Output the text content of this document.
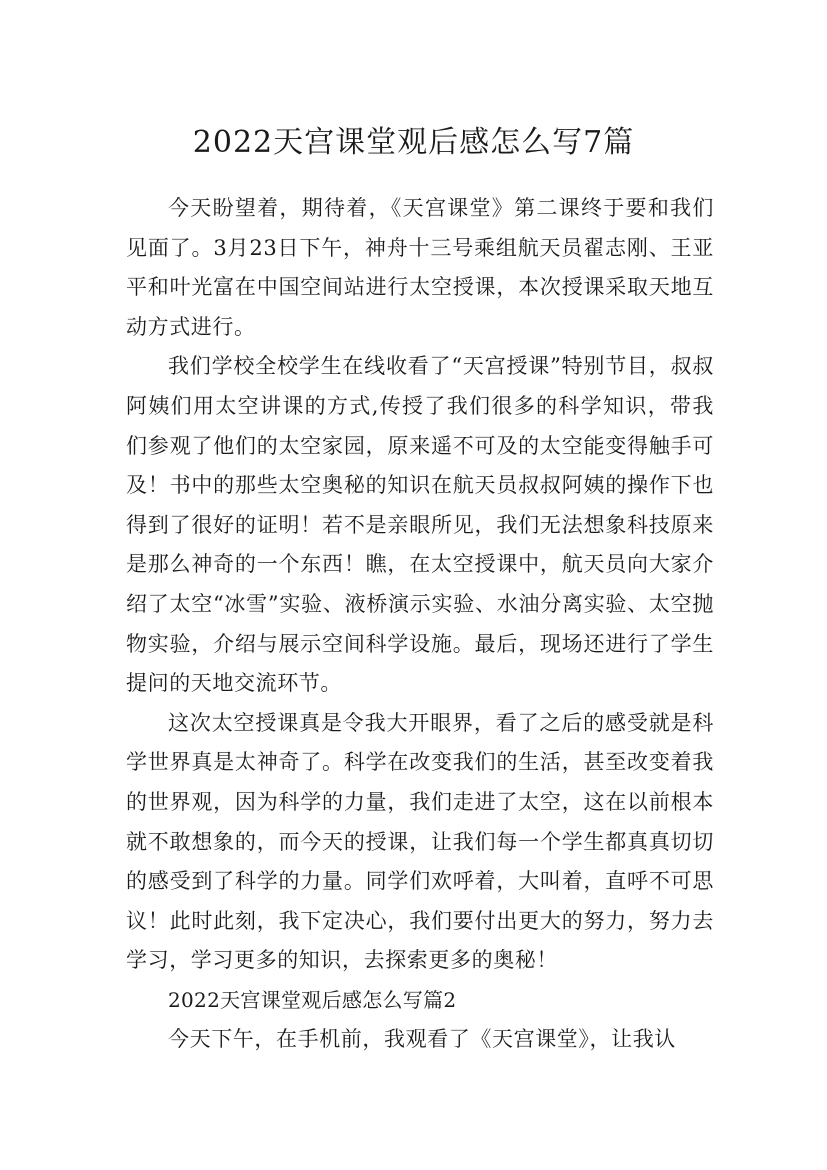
2022天宫课堂观后感怎么写7篇

今天盼望着，期待着，《天宫课堂》第二课终于要和我们见面了。3月23日下午，神舟十三号乘组航天员翟志刚、王亚平和叶光富在中国空间站进行太空授课，本次授课采取天地互动方式进行。

我们学校全校学生在线收看了“天宫授课”特别节目，叔叔阿姨们用太空讲课的方式,传授了我们很多的科学知识，带我们参观了他们的太空家园，原来遥不可及的太空能变得触手可及！书中的那些太空奥秘的知识在航天员叔叔阿姨的操作下也得到了很好的证明！若不是亲眼所见，我们无法想象科技原来是那么神奇的一个东西！瞧，在太空授课中，航天员向大家介绍了太空“冰雪”实验、液桥演示实验、水油分离实验、太空抛物实验，介绍与展示空间科学设施。最后，现场还进行了学生提问的天地交流环节。

这次太空授课真是令我大开眼界，看了之后的感受就是科学世界真是太神奇了。科学在改变我们的生活，甚至改变着我的世界观，因为科学的力量，我们走进了太空，这在以前根本就不敢想象的，而今天的授课，让我们每一个学生都真真切切的感受到了科学的力量。同学们欢呼着，大叫着，直呼不可思议！此时此刻，我下定决心，我们要付出更大的努力，努力去学习，学习更多的知识，去探索更多的奥秘！

2022天宫课堂观后感怎么写篇2

今天下午，在手机前，我观看了《天宫课堂》，让我认
